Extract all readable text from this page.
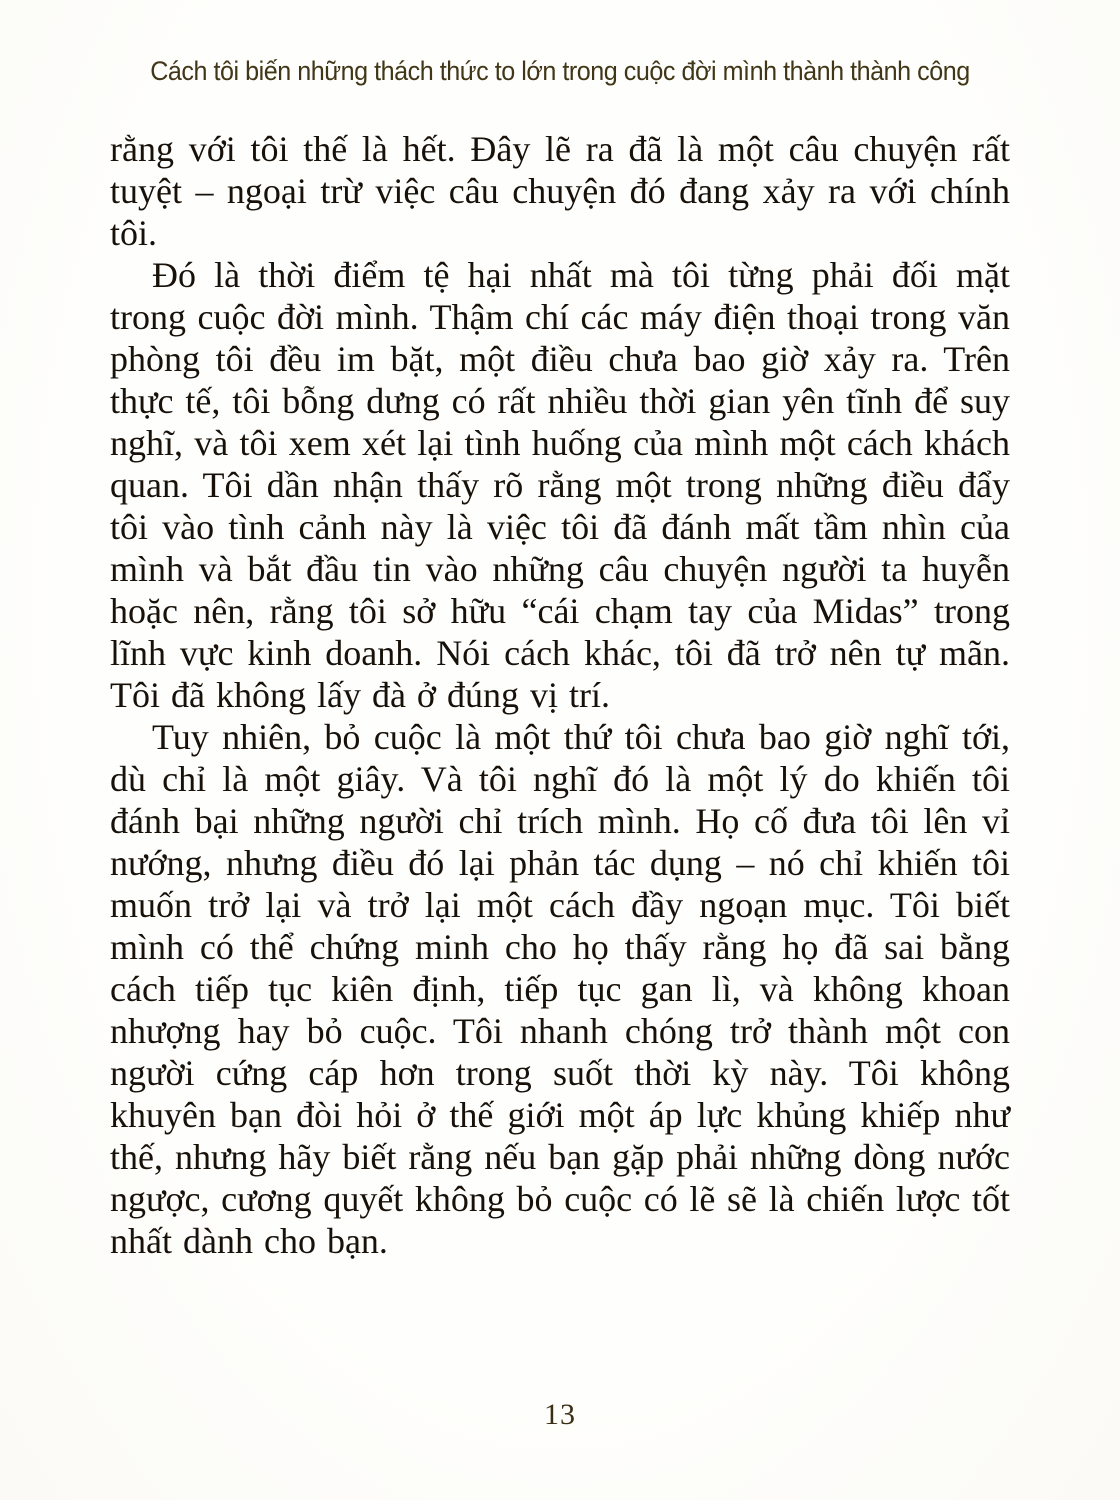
Cách tôi biến những thách thức to lớn trong cuộc đời mình thành thành công

rằng với tôi thế là hết. Đây lẽ ra đã là một câu chuyện rất tuyệt – ngoại trừ việc câu chuyện đó đang xảy ra với chính tôi.

Đó là thời điểm tệ hại nhất mà tôi từng phải đối mặt trong cuộc đời mình. Thậm chí các máy điện thoại trong văn phòng tôi đều im bặt, một điều chưa bao giờ xảy ra. Trên thực tế, tôi bỗng dưng có rất nhiều thời gian yên tĩnh để suy nghĩ, và tôi xem xét lại tình huống của mình một cách khách quan. Tôi dần nhận thấy rõ rằng một trong những điều đẩy tôi vào tình cảnh này là việc tôi đã đánh mất tầm nhìn của mình và bắt đầu tin vào những câu chuyện người ta huyễn hoặc nên, rằng tôi sở hữu “cái chạm tay của Midas” trong lĩnh vực kinh doanh. Nói cách khác, tôi đã trở nên tự mãn. Tôi đã không lấy đà ở đúng vị trí.

Tuy nhiên, bỏ cuộc là một thứ tôi chưa bao giờ nghĩ tới, dù chỉ là một giây. Và tôi nghĩ đó là một lý do khiến tôi đánh bại những người chỉ trích mình. Họ cố đưa tôi lên vỉ nướng, nhưng điều đó lại phản tác dụng – nó chỉ khiến tôi muốn trở lại và trở lại một cách đầy ngoạn mục. Tôi biết mình có thể chứng minh cho họ thấy rằng họ đã sai bằng cách tiếp tục kiên định, tiếp tục gan lì, và không khoan nhượng hay bỏ cuộc. Tôi nhanh chóng trở thành một con người cứng cáp hơn trong suốt thời kỳ này. Tôi không khuyên bạn đòi hỏi ở thế giới một áp lực khủng khiếp như thế, nhưng hãy biết rằng nếu bạn gặp phải những dòng nước ngược, cương quyết không bỏ cuộc có lẽ sẽ là chiến lược tốt nhất dành cho bạn.

13
